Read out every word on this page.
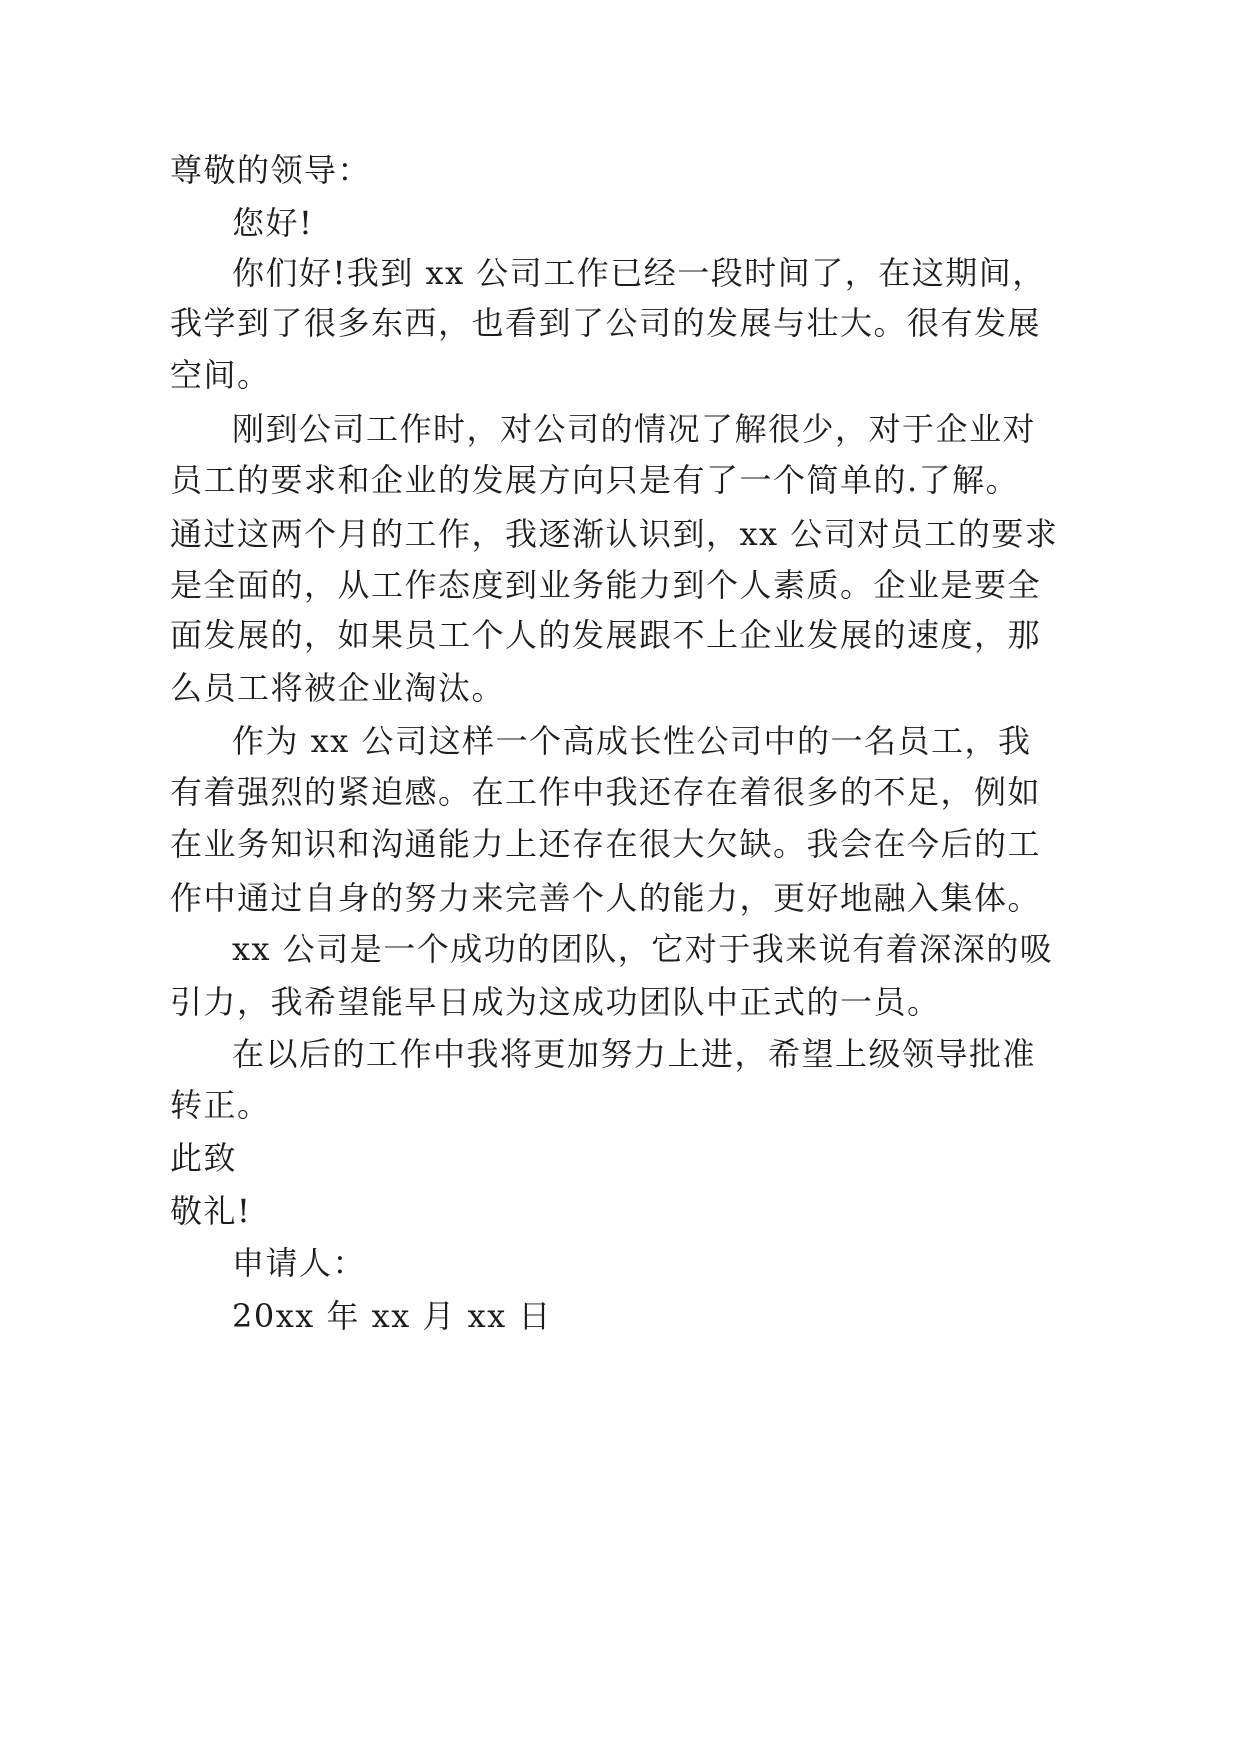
尊敬的领导：
您好!
你们好!我到 xx 公司工作已经一段时间了，在这期间，
我学到了很多东西，也看到了公司的发展与壮大。很有发展
空间。
刚到公司工作时，对公司的情况了解很少，对于企业对
员工的要求和企业的发展方向只是有了一个简单的.了解。
通过这两个月的工作，我逐渐认识到，xx 公司对员工的要求
是全面的，从工作态度到业务能力到个人素质。企业是要全
面发展的，如果员工个人的发展跟不上企业发展的速度，那
么员工将被企业淘汰。
作为 xx 公司这样一个高成长性公司中的一名员工，我
有着强烈的紧迫感。在工作中我还存在着很多的不足，例如
在业务知识和沟通能力上还存在很大欠缺。我会在今后的工
作中通过自身的努力来完善个人的能力，更好地融入集体。
xx 公司是一个成功的团队，它对于我来说有着深深的吸
引力，我希望能早日成为这成功团队中正式的一员。
在以后的工作中我将更加努力上进，希望上级领导批准
转正。
此致
敬礼!
申请人：
20xx 年 xx 月 xx 日
